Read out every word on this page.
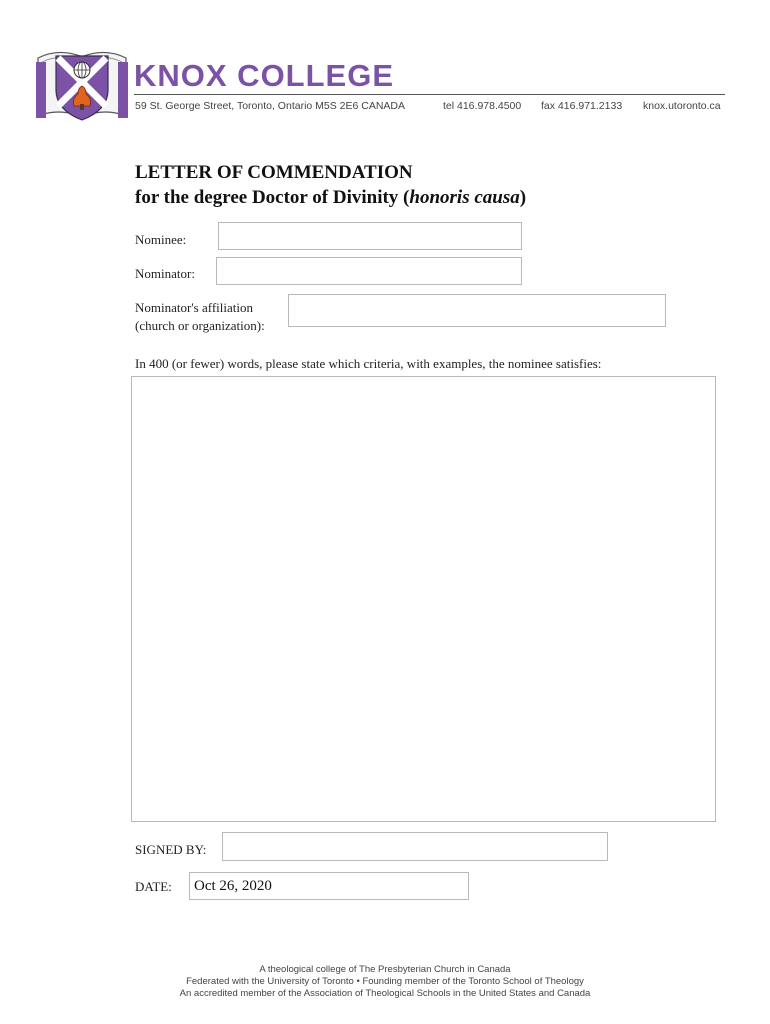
KNOX COLLEGE
59 St. George Street, Toronto, Ontario M5S 2E6 CANADA	tel 416.978.4500 fax 416.971.2133 knox.utoronto.ca
LETTER OF COMMENDATION
for the degree Doctor of Divinity (honoris causa)
Nominee:
Nominator:
Nominator's affiliation
(church or organization):
In 400 (or fewer) words, please state which criteria, with examples, the nominee satisfies:
SIGNED BY:
DATE:	Oct 26, 2020
A theological college of The Presbyterian Church in Canada
Federated with the University of Toronto • Founding member of the Toronto School of Theology
An accredited member of the Association of Theological Schools in the United States and Canada
